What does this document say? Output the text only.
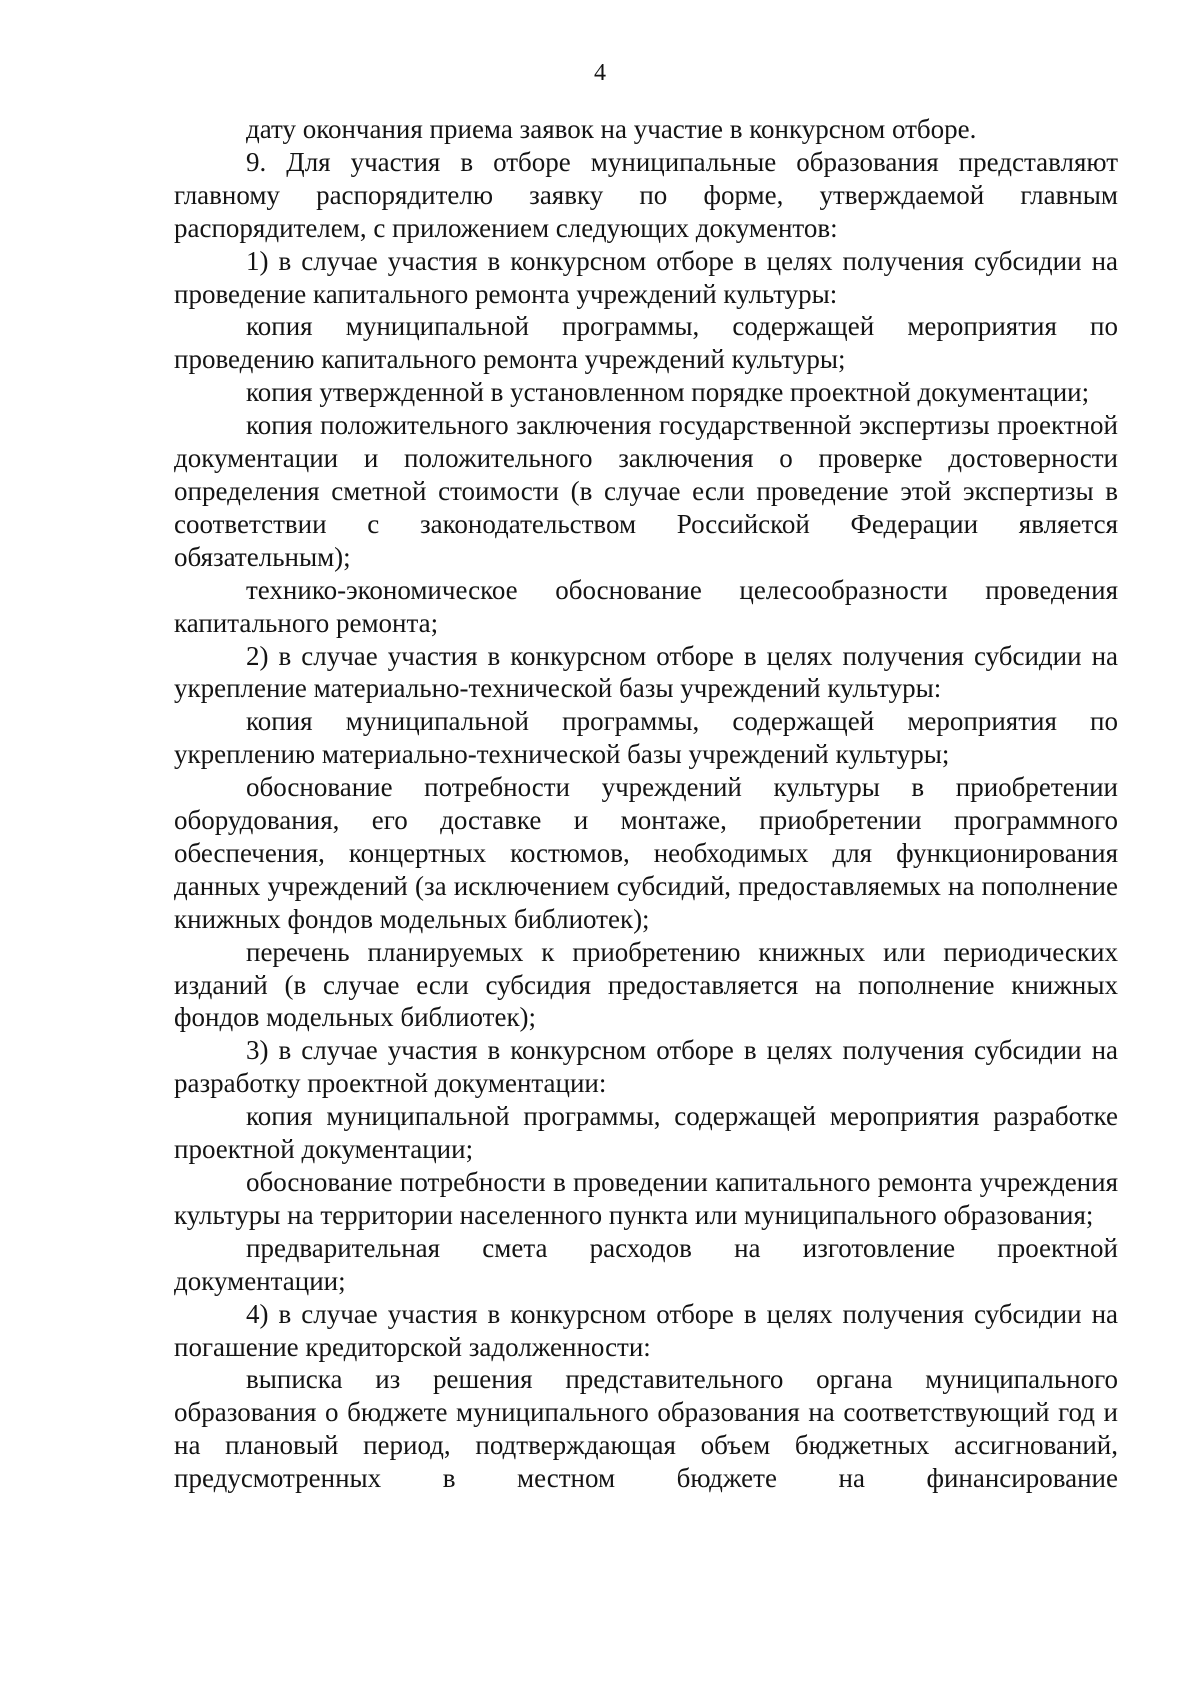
4

дату окончания приема заявок на участие в конкурсном отборе.

9. Для участия в отборе муниципальные образования представляют главному распорядителю заявку по форме, утверждаемой главным распорядителем, с приложением следующих документов:

1) в случае участия в конкурсном отборе в целях получения субсидии на проведение капитального ремонта учреждений культуры:

копия муниципальной программы, содержащей мероприятия по проведению капитального ремонта учреждений культуры;

копия утвержденной в установленном порядке проектной документации;

копия положительного заключения государственной экспертизы проектной документации и положительного заключения о проверке достоверности определения сметной стоимости (в случае если проведение этой экспертизы в соответствии с законодательством Российской Федерации является обязательным);

технико-экономическое обоснование целесообразности проведения капитального ремонта;

2) в случае участия в конкурсном отборе в целях получения субсидии на укрепление материально-технической базы учреждений культуры:

копия муниципальной программы, содержащей мероприятия по укреплению материально-технической базы учреждений культуры;

обоснование потребности учреждений культуры в приобретении оборудования, его доставке и монтаже, приобретении программного обеспечения, концертных костюмов, необходимых для функционирования данных учреждений (за исключением субсидий, предоставляемых на пополнение книжных фондов модельных библиотек);

перечень планируемых к приобретению книжных или периодических изданий (в случае если субсидия предоставляется на пополнение книжных фондов модельных библиотек);

3) в случае участия в конкурсном отборе в целях получения субсидии на разработку проектной документации:

копия муниципальной программы, содержащей мероприятия разработке проектной документации;

обоснование потребности в проведении капитального ремонта учреждения культуры на территории населенного пункта или муниципального образования;

предварительная смета расходов на изготовление проектной документации;

4) в случае участия в конкурсном отборе в целях получения субсидии на погашение кредиторской задолженности:

выписка из решения представительного органа муниципального образования о бюджете муниципального образования на соответствующий год и на плановый период, подтверждающая объем бюджетных ассигнований, предусмотренных в местном бюджете на финансирование
